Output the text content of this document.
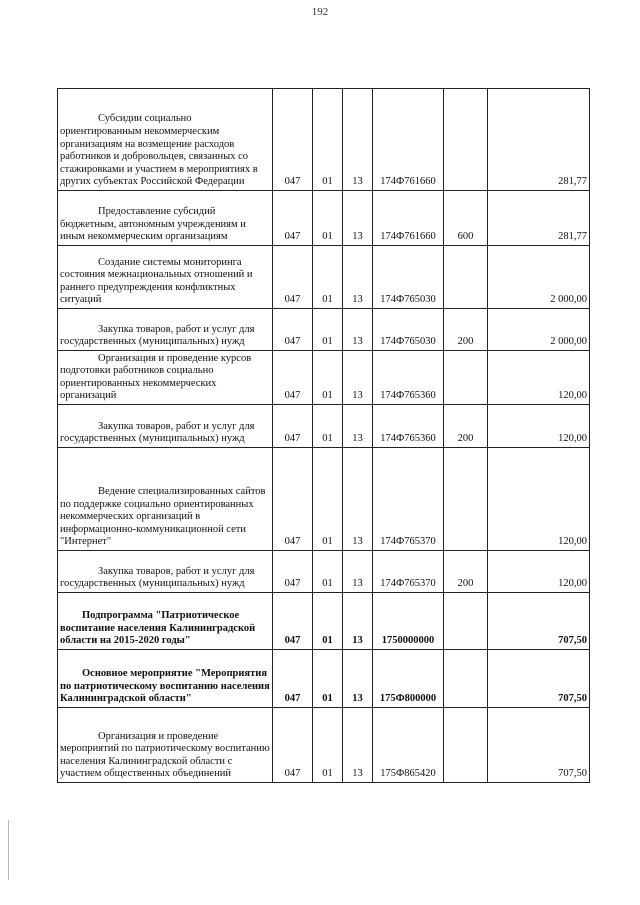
192
Субсидии социально ориентированным некоммерческим организациям на возмещение расходов работников и добровольцев, связанных со стажировками и участием в мероприятиях в других субъектах Российской Федерации	047	01	13	174Ф761660		281,77
Предоставление субсидий бюджетным, автономным учреждениям и иным некоммерческим организациям	047	01	13	174Ф761660	600	281,77
Создание системы мониторинга состояния межнациональных отношений и раннего предупреждения конфликтных ситуаций	047	01	13	174Ф765030		2 000,00
Закупка товаров, работ и услуг для государственных (муниципальных) нужд	047	01	13	174Ф765030	200	2 000,00
Организация и проведение курсов подготовки работников социально ориентированных некоммерческих организаций	047	01	13	174Ф765360		120,00
Закупка товаров, работ и услуг для государственных (муниципальных) нужд	047	01	13	174Ф765360	200	120,00
Ведение специализированных сайтов по поддержке социально ориентированных некоммерческих организаций в информационно-коммуникационной сети "Интернет"	047	01	13	174Ф765370		120,00
Закупка товаров, работ и услуг для государственных (муниципальных) нужд	047	01	13	174Ф765370	200	120,00
Подпрограмма "Патриотическое воспитание населения Калининградской области на 2015-2020 годы"	047	01	13	1750000000		707,50
Основное мероприятие "Мероприятия по патриотическому воспитанию населения Калининградской области"	047	01	13	175Ф800000		707,50
Организация и проведение мероприятий по патриотическому воспитанию населения Калининградской области с участием общественных объединений	047	01	13	175Ф865420		707,50
